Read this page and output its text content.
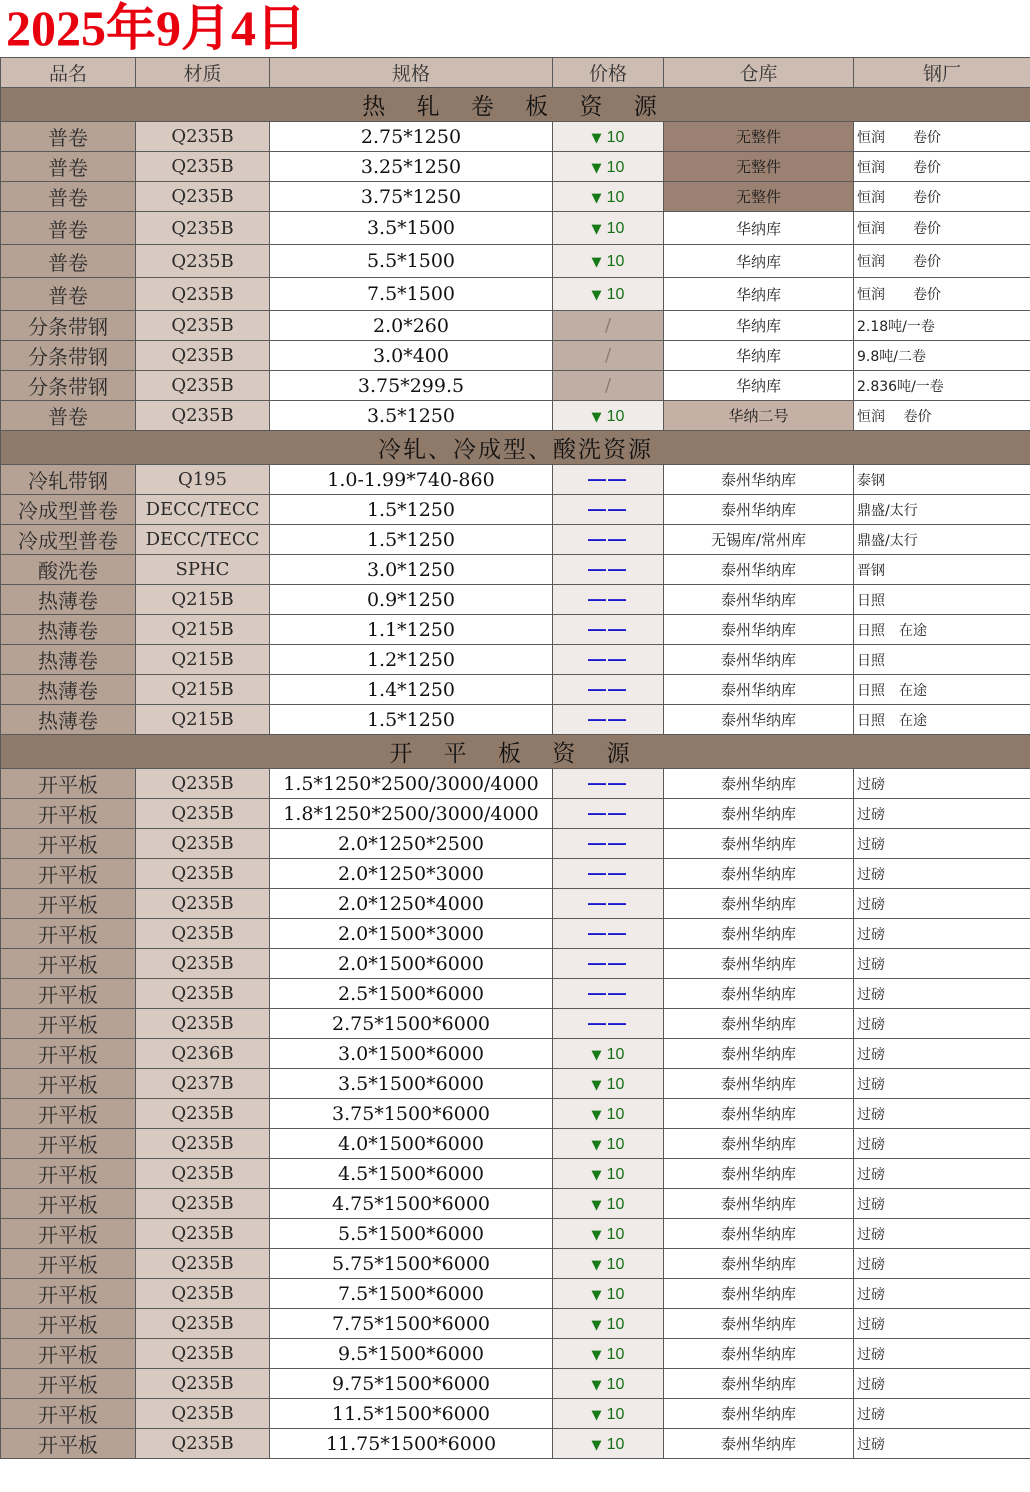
2025年9月4日
品名	材质	规格	价格	仓库	钢厂
热 轧 卷 板 资 源					
普卷	Q235B	2.75*1250	▼ 10	无整件	恒润　　卷价
普卷	Q235B	3.25*1250	▼ 10	无整件	恒润　　卷价
普卷	Q235B	3.75*1250	▼ 10	无整件	恒润　　卷价
普卷	Q235B	3.5*1500	▼ 10	华纳库	恒润　　卷价
普卷	Q235B	5.5*1500	▼ 10	华纳库	恒润　　卷价
普卷	Q235B	7.5*1500	▼ 10	华纳库	恒润　　卷价
分条带钢	Q235B	2.0*260	/	华纳库	2.18吨/一卷
分条带钢	Q235B	3.0*400	/	华纳库	9.8吨/二卷
分条带钢	Q235B	3.75*299.5	/	华纳库	2.836吨/一卷
普卷	Q235B	3.5*1250	▼ 10	华纳二号	恒润　 卷价
冷轧、冷成型、酸洗资源					
冷轧带钢	Q195	1.0-1.99*740-860	——	泰州华纳库	泰钢
冷成型普卷	DECC/TECC	1.5*1250	——	泰州华纳库	鼎盛/太行
冷成型普卷	DECC/TECC	1.5*1250	——	无锡库/常州库	鼎盛/太行
酸洗卷	SPHC	3.0*1250	——	泰州华纳库	晋钢
热薄卷	Q215B	0.9*1250	——	泰州华纳库	日照
热薄卷	Q215B	1.1*1250	——	泰州华纳库	日照　在途
热薄卷	Q215B	1.2*1250	——	泰州华纳库	日照
热薄卷	Q215B	1.4*1250	——	泰州华纳库	日照　在途
热薄卷	Q215B	1.5*1250	——	泰州华纳库	日照　在途
开 平 板 资 源					
开平板	Q235B	1.5*1250*2500/3000/4000	——	泰州华纳库	过磅
开平板	Q235B	1.8*1250*2500/3000/4000	——	泰州华纳库	过磅
开平板	Q235B	2.0*1250*2500	——	泰州华纳库	过磅
开平板	Q235B	2.0*1250*3000	——	泰州华纳库	过磅
开平板	Q235B	2.0*1250*4000	——	泰州华纳库	过磅
开平板	Q235B	2.0*1500*3000	——	泰州华纳库	过磅
开平板	Q235B	2.0*1500*6000	——	泰州华纳库	过磅
开平板	Q235B	2.5*1500*6000	——	泰州华纳库	过磅
开平板	Q235B	2.75*1500*6000	——	泰州华纳库	过磅
开平板	Q236B	3.0*1500*6000	▼ 10	泰州华纳库	过磅
开平板	Q237B	3.5*1500*6000	▼ 10	泰州华纳库	过磅
开平板	Q235B	3.75*1500*6000	▼ 10	泰州华纳库	过磅
开平板	Q235B	4.0*1500*6000	▼ 10	泰州华纳库	过磅
开平板	Q235B	4.5*1500*6000	▼ 10	泰州华纳库	过磅
开平板	Q235B	4.75*1500*6000	▼ 10	泰州华纳库	过磅
开平板	Q235B	5.5*1500*6000	▼ 10	泰州华纳库	过磅
开平板	Q235B	5.75*1500*6000	▼ 10	泰州华纳库	过磅
开平板	Q235B	7.5*1500*6000	▼ 10	泰州华纳库	过磅
开平板	Q235B	7.75*1500*6000	▼ 10	泰州华纳库	过磅
开平板	Q235B	9.5*1500*6000	▼ 10	泰州华纳库	过磅
开平板	Q235B	9.75*1500*6000	▼ 10	泰州华纳库	过磅
开平板	Q235B	11.5*1500*6000	▼ 10	泰州华纳库	过磅
开平板	Q235B	11.75*1500*6000	▼ 10	泰州华纳库	过磅
